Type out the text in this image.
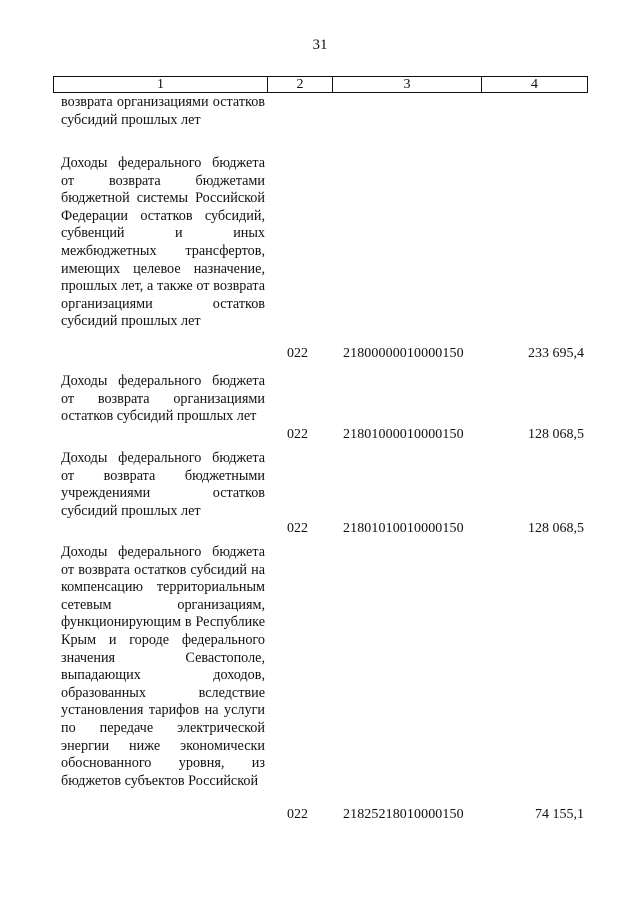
31
1	2	3	4
возврата организациями остатков субсидий прошлых лет
Доходы федерального бюджета от возврата бюджетами бюджетной системы Российской Федерации остатков субсидий, субвенций и иных межбюджетных трансфертов, имеющих целевое назначение, прошлых лет, а также от возврата организациями остатков субсидий прошлых лет
022	21800000010000150	233 695,4
Доходы федерального бюджета от возврата организациями остатков субсидий прошлых лет
022	21801000010000150	128 068,5
Доходы федерального бюджета от возврата бюджетными учреждениями остатков субсидий прошлых лет
022	21801010010000150	128 068,5
Доходы федерального бюджета от возврата остатков субсидий на компенсацию территориальным сетевым организациям, функционирующим в Республике Крым и городе федерального значения Севастополе, выпадающих доходов, образованных вследствие установления тарифов на услуги по передаче электрической энергии ниже экономически обоснованного уровня, из бюджетов субъектов Российской
022	21825218010000150	74 155,1
